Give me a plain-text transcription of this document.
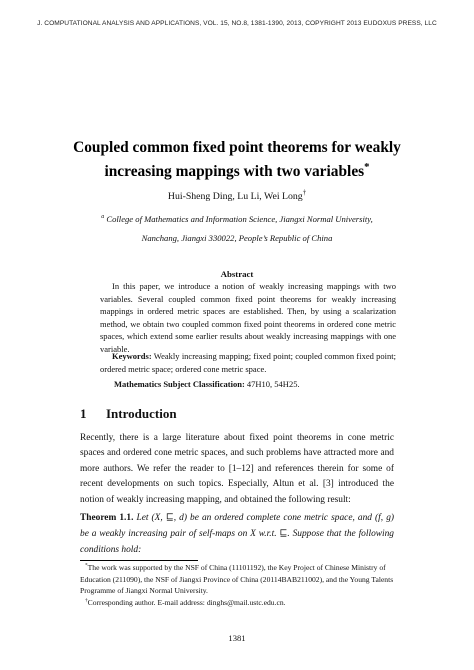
J. COMPUTATIONAL ANALYSIS AND APPLICATIONS, VOL. 15, NO.8, 1381-1390, 2013, COPYRIGHT 2013 EUDOXUS PRESS, LLC
Coupled common fixed point theorems for weakly
increasing mappings with two variables*
Hui-Sheng Ding, Lu Li, Wei Long†
$^a$ College of Mathematics and Information Science, Jiangxi Normal University,
Nanchang, Jiangxi 330022, People’s Republic of China
Abstract
In this paper, we introduce a notion of weakly increasing mappings with two variables. Several coupled common fixed point theorems for weakly increasing mappings in ordered metric spaces are established. Then, by using a scalarization method, we obtain two coupled common fixed point theorems in ordered cone metric spaces, which extend some earlier results about weakly increasing mappings with one variable.
Keywords: Weakly increasing mapping; fixed point; coupled common fixed point; ordered metric space; ordered cone metric space.
Mathematics Subject Classification: 47H10, 54H25.
1 Introduction
Recently, there is a large literature about fixed point theorems in cone metric spaces and ordered cone metric spaces, and such problems have attracted more and more authors. We refer the reader to [1–12] and references therein for some of recent developments on such topics. Especially, Altun et al. [3] introduced the notion of weakly increasing mapping, and obtained the following result:
Theorem 1.1. Let (X, ⊑, d) be an ordered complete cone metric space, and (f, g) be a weakly increasing pair of self-maps on X w.r.t. ⊑. Suppose that the following conditions hold:
*The work was supported by the NSF of China (11101192), the Key Project of Chinese Ministry of Education (211090), the NSF of Jiangxi Province of China (20114BAB211002), and the Young Talents Programme of Jiangxi Normal University.
†Corresponding author. E-mail address: dinghs@mail.ustc.edu.cn.
1381
